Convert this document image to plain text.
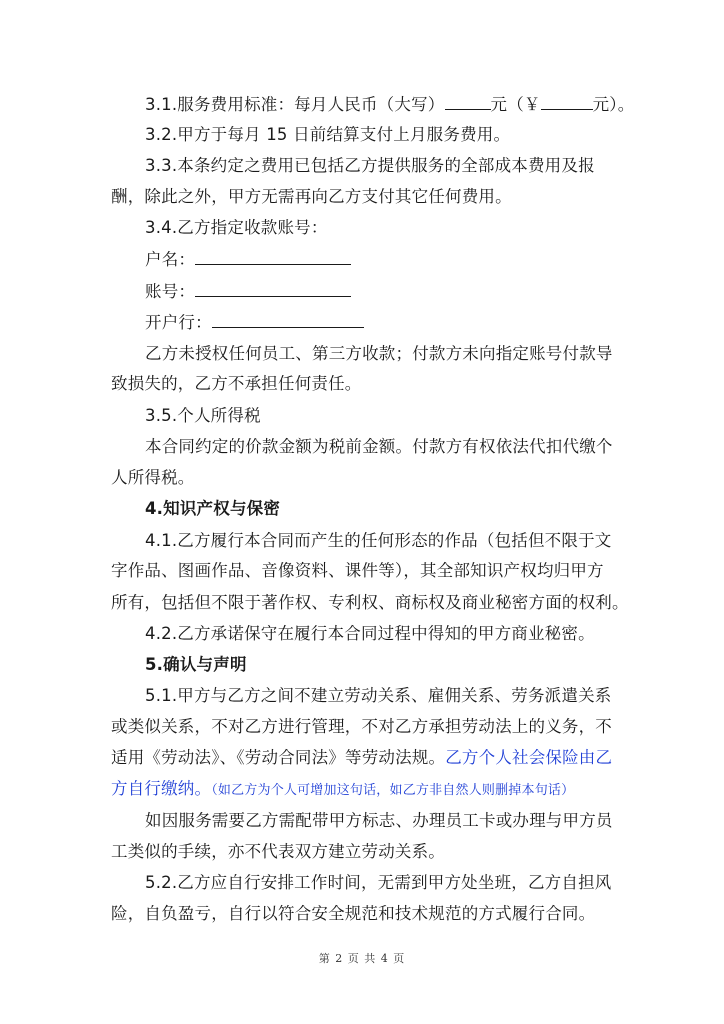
3.1.服务费用标准：每月人民币（大写）	元（￥	元）。
3.2.甲方于每月 15 日前结算支付上月服务费用。
3.3.本条约定之费用已包括乙方提供服务的全部成本费用及报
酬，除此之外，甲方无需再向乙方支付其它任何费用。
3.4.乙方指定收款账号：
户名：
账号：
开户行：
乙方未授权任何员工、第三方收款；付款方未向指定账号付款导
致损失的，乙方不承担任何责任。
3.5.个人所得税
本合同约定的价款金额为税前金额。付款方有权依法代扣代缴个
人所得税。
4.知识产权与保密
4.1.乙方履行本合同而产生的任何形态的作品（包括但不限于文
字作品、图画作品、音像资料、课件等），其全部知识产权均归甲方
所有，包括但不限于著作权、专利权、商标权及商业秘密方面的权利。
4.2.乙方承诺保守在履行本合同过程中得知的甲方商业秘密。
5.确认与声明
5.1.甲方与乙方之间不建立劳动关系、雇佣关系、劳务派遣关系
或类似关系，不对乙方进行管理，不对乙方承担劳动法上的义务，不
适用《劳动法》、《劳动合同法》等劳动法规。乙方个人社会保险由乙
方自行缴纳。（如乙方为个人可增加这句话，如乙方非自然人则删掉本句话）
如因服务需要乙方需配带甲方标志、办理员工卡或办理与甲方员
工类似的手续，亦不代表双方建立劳动关系。
5.2.乙方应自行安排工作时间，无需到甲方处坐班，乙方自担风
险，自负盈亏，自行以符合安全规范和技术规范的方式履行合同。
第 2 页 共 4 页
